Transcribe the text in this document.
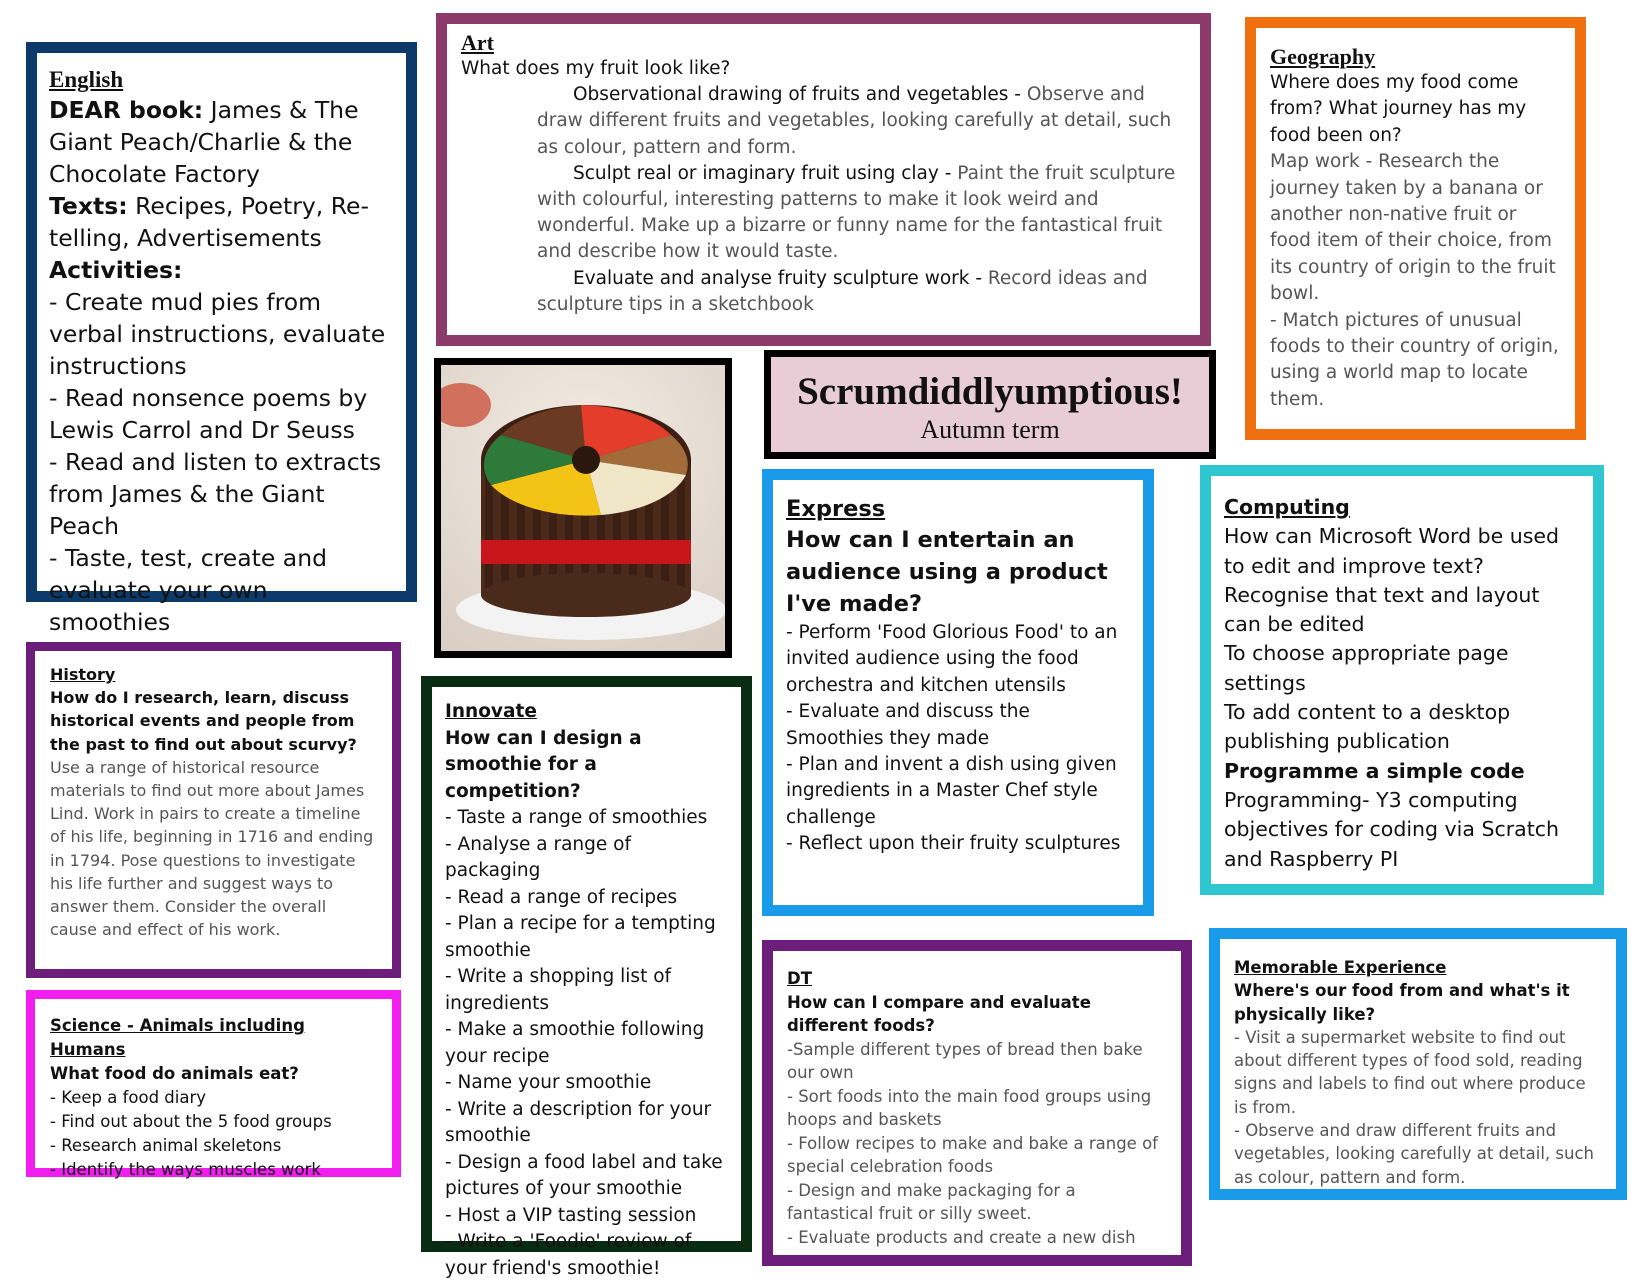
English
DEAR book: James & The Giant Peach/Charlie & the Chocolate Factory
Texts: Recipes, Poetry, Re-telling, Advertisements
Activities:
- Create mud pies from verbal instructions, evaluate instructions
- Read nonsence poems by Lewis Carrol and Dr Seuss
- Read and listen to extracts from James & the Giant Peach
- Taste, test, create and evaluate your own smoothies
Art
What does my fruit look like?
Observational drawing of fruits and vegetables - Observe and draw different fruits and vegetables, looking carefully at detail, such as colour, pattern and form.
Sculpt real or imaginary fruit using clay - Paint the fruit sculpture with colourful, interesting patterns to make it look weird and wonderful. Make up a bizarre or funny name for the fantastical fruit and describe how it would taste.
Evaluate and analyse fruity sculpture work - Record ideas and sculpture tips in a sketchbook
Geography
Where does my food come from? What journey has my food been on?
Map work - Research the journey taken by a banana or another non-native fruit or food item of their choice, from its country of origin to the fruit bowl.
- Match pictures of unusual foods to their country of origin, using a world map to locate them.
Scrumdiddlyumptious!
Autumn term
History
How do I research, learn, discuss historical events and people from the past to find out about scurvy?
Use a range of historical resource materials to find out more about James Lind. Work in pairs to create a timeline of his life, beginning in 1716 and ending in 1794. Pose questions to investigate his life further and suggest ways to answer them. Consider the overall cause and effect of his work.
Science - Animals including Humans
What food do animals eat?
- Keep a food diary
- Find out about the 5 food groups
- Research animal skeletons
- Identify the ways muscles work
Innovate
How can I design a smoothie for a competition?
- Taste a range of smoothies
- Analyse a range of packaging
- Read a range of recipes
- Plan a recipe for a tempting smoothie
- Write a shopping list of ingredients
- Make a smoothie following your recipe
- Name your smoothie
- Write a description for your smoothie
- Design a food label and take pictures of your smoothie
- Host a VIP tasting session
- Write a 'Foodie' review of your friend's smoothie!
Express
How can I entertain an audience using a product I've made?
- Perform 'Food Glorious Food' to an invited audience using the food orchestra and kitchen utensils
- Evaluate and discuss the Smoothies they made
- Plan and invent a dish using given ingredients in a Master Chef style challenge
- Reflect upon their fruity sculptures
Computing
How can Microsoft Word be used to edit and improve text?
Recognise that text and layout can be edited
To choose appropriate page settings
To add content to a desktop publishing publication
Programme a simple code
Programming- Y3 computing objectives for coding via Scratch and Raspberry PI
DT
How can I compare and evaluate different foods?
-Sample different types of bread then bake our own
- Sort foods into the main food groups using hoops and baskets
- Follow recipes to make and bake a range of special celebration foods
- Design and make packaging for a fantastical fruit or silly sweet.
- Evaluate products and create a new dish
Memorable Experience
Where's our food from and what's it physically like?
- Visit a supermarket website to find out about different types of food sold, reading signs and labels to find out where produce is from.
- Observe and draw different fruits and vegetables, looking carefully at detail, such as colour, pattern and form.
